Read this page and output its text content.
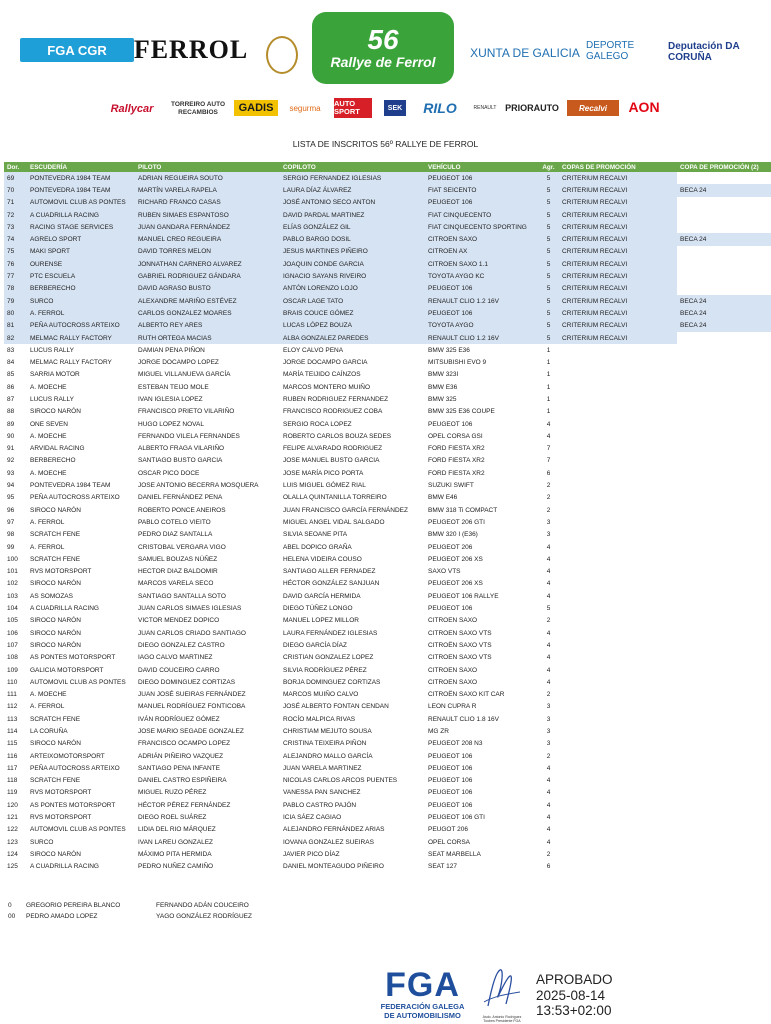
FGA CGR	FERROL	56
Rallye de Ferrol
XUNTA DE GALICIA DEPORTE GALEGO
Deputación DA CORUÑA
Rallycar	TORREIRO AUTO RECAMBIOS	GADIS	segurma	AUTO SPORT	SEK	RILO	RENAULT PRIORAUTO	Recalvi	AON
LISTA DE INSCRITOS 56º RALLYE DE FERROL
Dor.	ESCUDERÍA	PILOTO	COPILOTO	VEHÍCULO	Agr.	COPAS DE PROMOCIÓN	COPA DE PROMOCIÓN (2)
69	PONTEVEDRA 1984 TEAM	ADRIAN REGUEIRA SOUTO	SERGIO FERNANDEZ IGLESIAS	PEUGEOT 106	5	CRITERIUM RECALVI	
70	PONTEVEDRA 1984 TEAM	MARTÍN VARELA RAPELA	LAURA DÍAZ ÁLVAREZ	FIAT SEICENTO	5	CRITERIUM RECALVI	BECA 24
71	AUTOMOVIL CLUB AS PONTES	RICHARD FRANCO CASAS	JOSÉ ANTONIO SECO ANTON	PEUGEOT 106	5	CRITERIUM RECALVI	
72	A CUADRILLA RACING	RUBEN SIMAES ESPANTOSO	DAVID PARDAL MARTINEZ	FIAT CINQUECENTO	5	CRITERIUM RECALVI	
73	RACING STAGE SERVICES	JUAN GANDARA FERNÁNDEZ	ELÍAS GONZÁLEZ GIL	FIAT CINQUECENTO SPORTING	5	CRITERIUM RECALVI	
74	AGRELO SPORT	MANUEL CREO REGUEIRA	PABLO BARGO DOSIL	CITROEN SAXO	5	CRITERIUM RECALVI	BECA 24
75	MAKI SPORT	DAVID TORRES MELON	JESUS MARTINES PIÑEIRO	CITROEN AX	5	CRITERIUM RECALVI	
76	OURENSE	JONNATHAN CARNERO ALVAREZ	JOAQUIN CONDE GARCIA	CITROEN SAXO 1.1	5	CRITERIUM RECALVI	
77	PTC ESCUELA	GABRIEL RODRIGUEZ GÁNDARA	IGNACIO SAYANS RIVEIRO	TOYOTA AYGO KC	5	CRITERIUM RECALVI	
78	BERBERECHO	DAVID AGRASO BUSTO	ANTÓN LORENZO LOJO	PEUGEOT 106	5	CRITERIUM RECALVI	
79	SURCO	ALEXANDRE MARIÑO ESTÉVEZ	OSCAR LAGE TATO	RENAULT CLIO 1.2 16V	5	CRITERIUM RECALVI	BECA 24
80	A. FERROL	CARLOS GONZALEZ MOARES	BRAIS COUCE GÓMEZ	PEUGEOT 106	5	CRITERIUM RECALVI	BECA 24
81	PEÑA AUTOCROSS ARTEIXO	ALBERTO REY ARES	LUCAS LÓPEZ BOUZA	TOYOTA AYGO	5	CRITERIUM RECALVI	BECA 24
82	MELMAC RALLY FACTORY	RUTH ORTEGA MACIAS	ALBA GONZALEZ PAREDES	RENAULT CLIO 1.2 16V	5	CRITERIUM RECALVI	
83	LUCUS RALLY	DAMIAN PENA PIÑON	ELOY CALVO PENA	BMW 325 E36	1		
84	MELMAC RALLY FACTORY	JORGE DOCAMPO LOPEZ	JORGE DOCAMPO GARCIA	MITSUBISHI EVO 9	1		
85	SARRIA MOTOR	MIGUEL VILLANUEVA GARCÍA	MARÍA TEIJIDO CAÍNZOS	BMW 323I	1		
86	A. MOECHE	ESTEBAN TEIJO MOLE	MARCOS MONTERO MUIÑO	BMW E36	1		
87	LUCUS RALLY	IVAN IGLESIA LOPEZ	RUBEN RODRIGUEZ FERNANDEZ	BMW 325	1		
88	SIROCO NARÓN	FRANCISCO PRIETO VILARIÑO	FRANCISCO RODRIGUEZ COBA	BMW 325 E36 COUPE	1		
89	ONE SEVEN	HUGO LOPEZ NOVAL	SERGIO ROCA LOPEZ	PEUGEOT 106	4		
90	A. MOECHE	FERNANDO VILELA FERNANDES	ROBERTO CARLOS BOUZA SEDES	OPEL CORSA GSI	4		
91	ARVIDAL RACING	ALBERTO FRAGA VILARIÑO	FELIPE ALVARADO RODRIGUEZ	FORD FIESTA XR2	7		
92	BERBERECHO	SANTIAGO BUSTO GARCIA	JOSE MANUEL BUSTO GARCIA	FORD FIESTA XR2	7		
93	A. MOECHE	OSCAR PICO DOCE	JOSE MARÍA PICO PORTA	FORD FIESTA XR2	6		
94	PONTEVEDRA 1984 TEAM	JOSE ANTONIO BECERRA MOSQUERA	LUIS MIGUEL GÓMEZ RIAL	SUZUKI SWIFT	2		
95	PEÑA AUTOCROSS ARTEIXO	DANIEL FERNÁNDEZ PENA	OLALLA QUINTANILLA TORREIRO	BMW E46	2		
96	SIROCO NARÓN	ROBERTO PONCE ANEIROS	JUAN FRANCISCO GARCÍA FERNÁNDEZ	BMW 318 Ti COMPACT	2		
97	A. FERROL	PABLO COTELO VIEITO	MIGUEL ANGEL VIDAL SALGADO	PEUGEOT 206 GTI	3		
98	SCRATCH FENE	PEDRO DIAZ SANTALLA	SILVIA SEOANE PITA	BMW 320 I (E36)	3		
99	A. FERROL	CRISTOBAL VERGARA VIGO	ABEL DOPICO GRAÑA	PEUGEOT 206	4		
100	SCRATCH FENE	SAMUEL BOUZAS NÚÑEZ	HELENA VIDEIRA COUSO	PEUGEOT 206 XS	4		
101	RVS MOTORSPORT	HECTOR DIAZ BALDOMIR	SANTIAGO ALLER FERNADEZ	SAXO VTS	4		
102	SIROCO NARÓN	MARCOS VARELA SECO	HÉCTOR GONZÁLEZ SANJUAN	PEUGEOT 206 XS	4		
103	AS SOMOZAS	SANTIAGO SANTALLA SOTO	DAVID GARCÍA HERMIDA	PEUGEOT 106 RALLYE	4		
104	A CUADRILLA RACING	JUAN CARLOS SIMAES IGLESIAS	DIEGO TÚÑEZ LONGO	PEUGEOT 106	5		
105	SIROCO NARÓN	VICTOR MENDEZ DOPICO	MANUEL LOPEZ MILLOR	CITROEN SAXO	2		
106	SIROCO NARÓN	JUAN CARLOS CRIADO SANTIAGO	LAURA FERNÁNDEZ IGLESIAS	CITROEN SAXO VTS	4		
107	SIROCO NARÓN	DIEGO GONZALEZ CASTRO	DIEGO GARCÍA DÍAZ	CITROËN SAXO VTS	4		
108	AS PONTES MOTORSPORT	IAGO CALVO MARTINEZ	CRISTIAN GONZALEZ LOPEZ	CITROEN SAXO VTS	4		
109	GALICIA MOTORSPORT	DAVID COUCEIRO CARRO	SILVIA RODRÍGUEZ PÉREZ	CITROEN SAXO	4		
110	AUTOMOVIL CLUB AS PONTES	DIEGO DOMINGUEZ CORTIZAS	BORJA DOMINGUEZ CORTIZAS	CITROEN SAXO	4		
111	A. MOECHE	JUAN JOSÉ SUEIRAS FERNÁNDEZ	MARCOS MUIÑO CALVO	CITROËN SAXO KIT CAR	2		
112	A. FERROL	MANUEL RODRÍGUEZ FONTICOBA	JOSÉ ALBERTO FONTAN CENDAN	LEON CUPRA R	3		
113	SCRATCH FENE	IVÁN RODRÍGUEZ GÓMEZ	ROCÍO MALPICA RIVAS	RENAULT CLIO 1.8 16V	3		
114	LA CORUÑA	JOSE MARIO SEGADE GONZALEZ	CHRISTIAM MEJUTO SOUSA	MG ZR	3		
115	SIROCO NARÓN	FRANCISCO OCAMPO LOPEZ	CRISTINA TEIXEIRA PIÑON	PEUGEOT 208 N3	3		
116	ARTEIXOMOTORSPORT	ADRIÁN PIÑEIRO VAZQUEZ	ALEJANDRO MALLO GARCÍA	PEUGEOT 106	2		
117	PEÑA AUTOCROSS ARTEIXO	SANTIAGO PENA INFANTE	JUAN VARELA MARTINEZ	PEUGEOT 106	4		
118	SCRATCH FENE	DANIEL CASTRO ESPIÑEIRA	NICOLAS CARLOS ARCOS PUENTES	PEUGEOT 106	4		
119	RVS MOTORSPORT	MIGUEL RUZO PÉREZ	VANESSA PAN SANCHEZ	PEUGEOT 106	4		
120	AS PONTES MOTORSPORT	HÉCTOR PÉREZ FERNÁNDEZ	PABLO CASTRO PAJÓN	PEUGEOT 106	4		
121	RVS MOTORSPORT	DIEGO ROEL SUÁREZ	ICIA SÁEZ CAGIAO	PEUGEOT 106 GTI	4		
122	AUTOMOVIL CLUB AS PONTES	LIDIA DEL RIO MÁRQUEZ	ALEJANDRO FERNÁNDEZ ARIAS	PEUGOT 206	4		
123	SURCO	IVAN LAREU GONZALEZ	IOVANA GONZALEZ SUEIRAS	OPEL CORSA	4		
124	SIROCO NARÓN	MÁXIMO PITA HERMIDA	JAVIER PICO DÍAZ	SEAT MARBELLA	2		
125	A CUADRILLA RACING	PEDRO NUÑEZ CAMIÑO	DANIEL MONTEAGUDO PIÑEIRO	SEAT 127	6		
0	GREGORIO PEREIRA BLANCO	FERNANDO ADÁN COUCEIRO
00	PEDRO AMADO LOPEZ	YAGO GONZÁLEZ RODRÍGUEZ
FGA
FEDERACIÓN GALEGA
DE AUTOMOBILISMO	Asdo. Antonio Rodríguez Toubes Presidente FGA
APROBADO
2025-08-14
13:53+02:00
